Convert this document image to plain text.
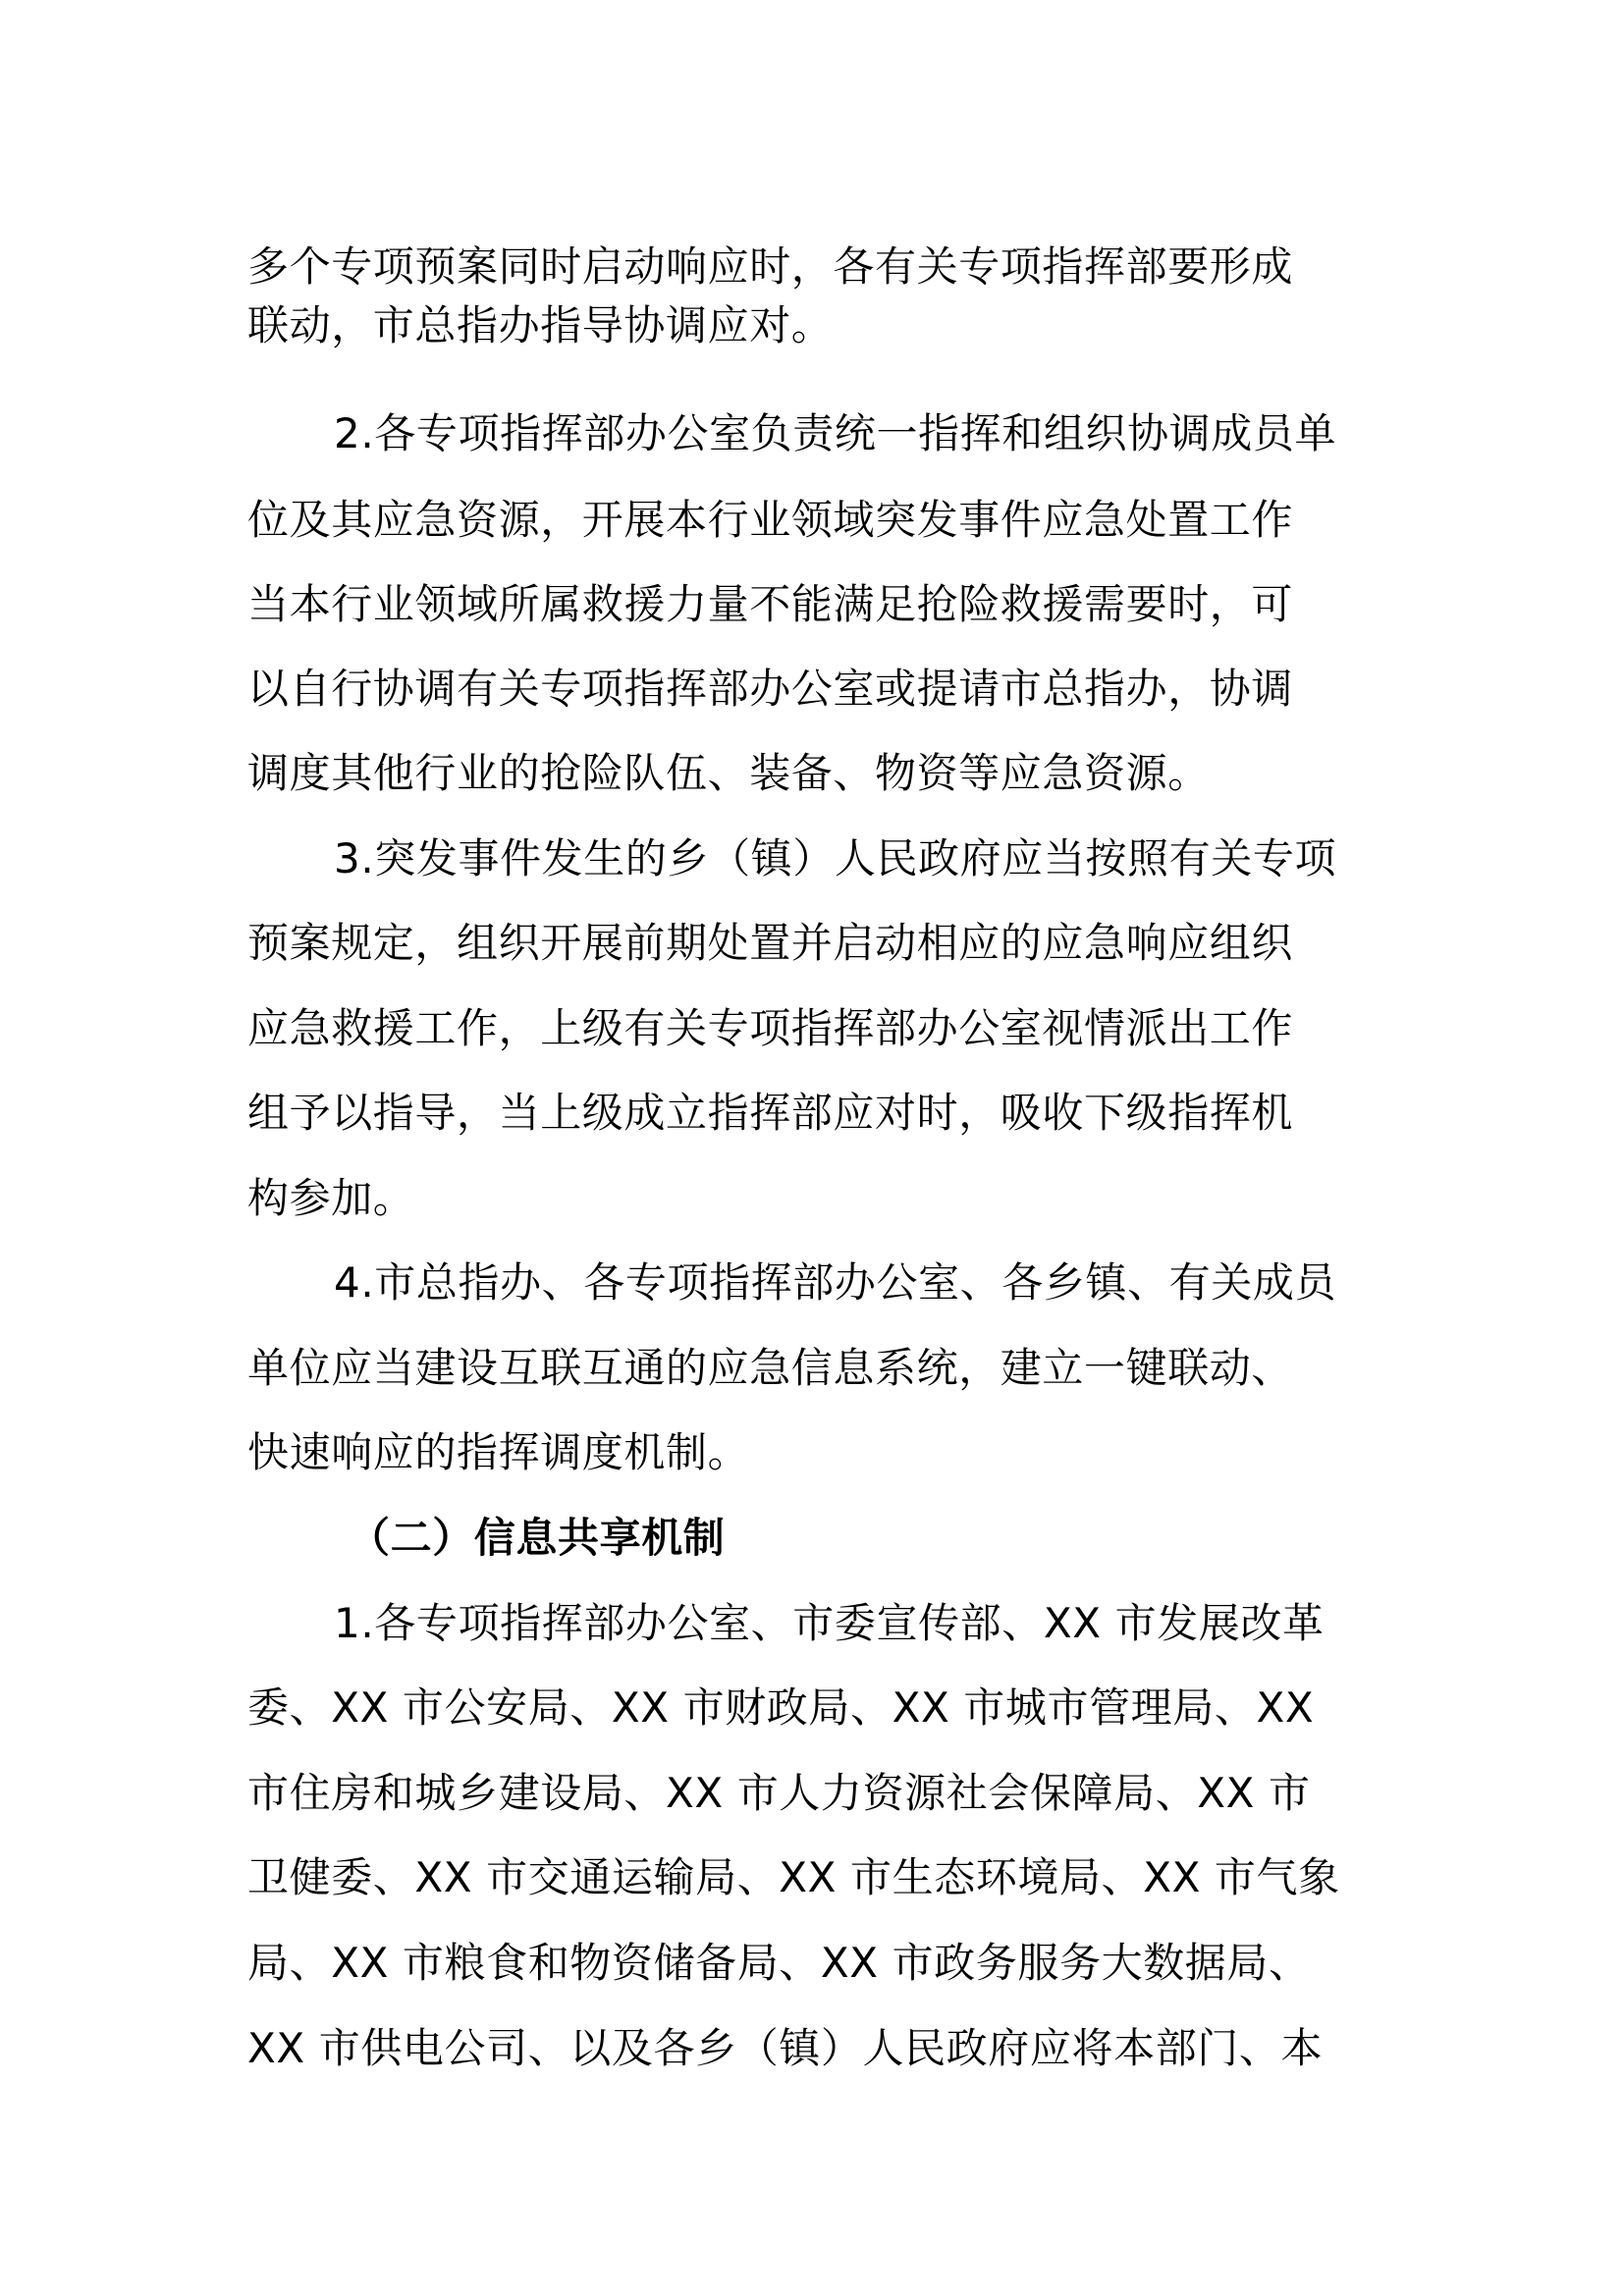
多个专项预案同时启动响应时，各有关专项指挥部要形成
联动，市总指办指导协调应对。
2.各专项指挥部办公室负责统一指挥和组织协调成员单
位及其应急资源，开展本行业领域突发事件应急处置工作
当本行业领域所属救援力量不能满足抢险救援需要时，可
以自行协调有关专项指挥部办公室或提请市总指办，协调
调度其他行业的抢险队伍、装备、物资等应急资源。
3.突发事件发生的乡（镇）人民政府应当按照有关专项
预案规定，组织开展前期处置并启动相应的应急响应组织
应急救援工作，上级有关专项指挥部办公室视情派出工作
组予以指导，当上级成立指挥部应对时，吸收下级指挥机
构参加。
4.市总指办、各专项指挥部办公室、各乡镇、有关成员
单位应当建设互联互通的应急信息系统，建立一键联动、
快速响应的指挥调度机制。
（二）信息共享机制
1.各专项指挥部办公室、市委宣传部、XX 市发展改革
委、XX 市公安局、XX 市财政局、XX 市城市管理局、XX
市住房和城乡建设局、XX 市人力资源社会保障局、XX 市
卫健委、XX 市交通运输局、XX 市生态环境局、XX 市气象
局、XX 市粮食和物资储备局、XX 市政务服务大数据局、
XX 市供电公司、以及各乡（镇）人民政府应将本部门、本
